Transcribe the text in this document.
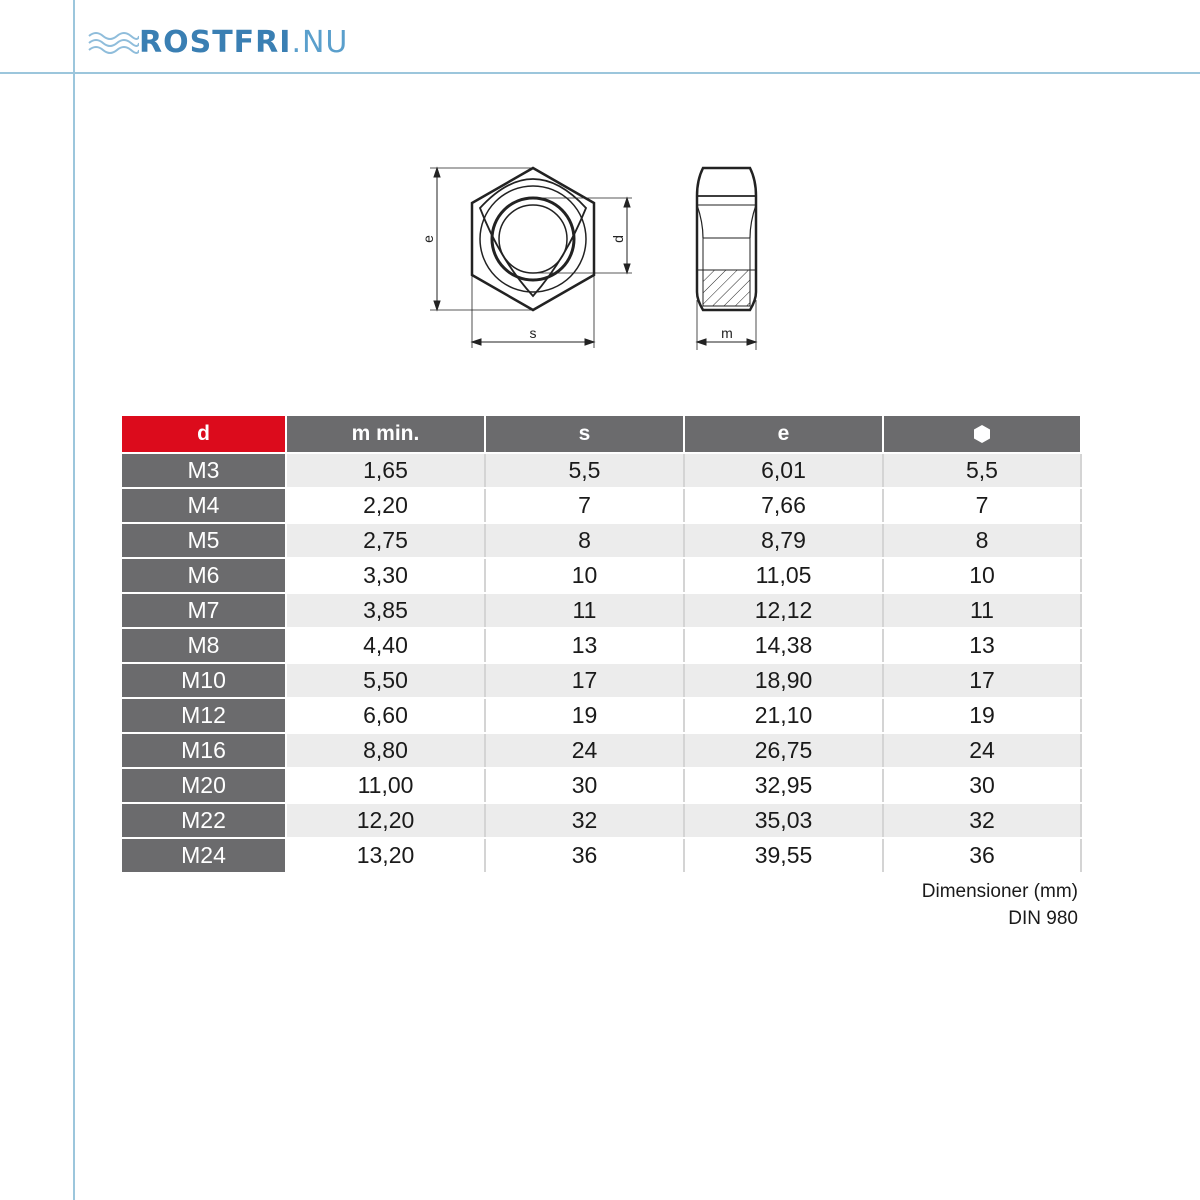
ROSTFRI.NU
e	d
s	m
d	m min.	s	e	
M3	1,65	5,5	6,01	5,5
M4	2,20	7	7,66	7
M5	2,75	8	8,79	8
M6	3,30	10	11,05	10
M7	3,85	11	12,12	11
M8	4,40	13	14,38	13
M10	5,50	17	18,90	17
M12	6,60	19	21,10	19
M16	8,80	24	26,75	24
M20	11,00	30	32,95	30
M22	12,20	32	35,03	32
M24	13,20	36	39,55	36
Dimensioner (mm)
DIN 980
